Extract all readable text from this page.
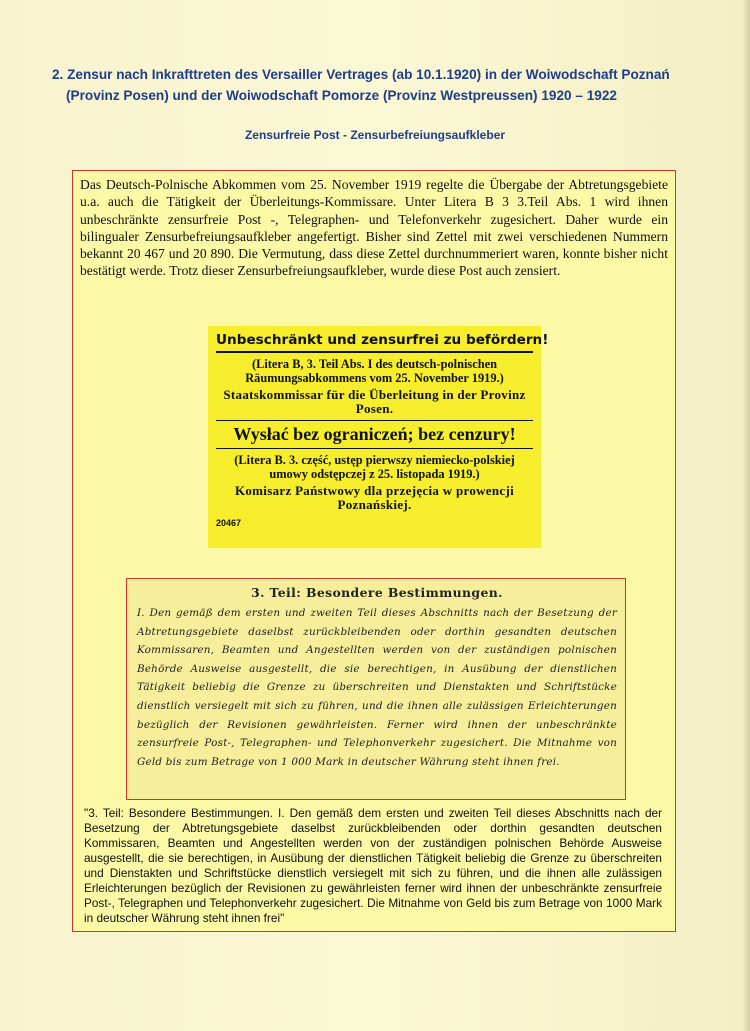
2. Zensur nach Inkrafttreten des Versailler Vertrages (ab 10.1.1920) in der Woiwodschaft Poznań
(Provinz Posen) und der Woiwodschaft Pomorze (Provinz Westpreussen) 1920 – 1922
Zensurfreie Post - Zensurbefreiungsaufkleber

Das Deutsch-Polnische Abkommen vom 25. November 1919 regelte die Übergabe der Abtretungsgebiete u.a. auch die Tätigkeit der Überleitungs-Kommissare. Unter Litera B 3 3.Teil Abs. 1 wird ihnen unbeschränkte zensurfreie Post -, Telegraphen- und Telefonverkehr zugesichert. Daher wurde ein bilingualer Zensurbefreiungsaufkleber angefertigt. Bisher sind Zettel mit zwei verschiedenen Nummern bekannt 20 467 und 20 890. Die Vermutung, dass diese Zettel durchnummeriert waren, konnte bisher nicht bestätigt werde. Trotz dieser Zensurbefreiungsaufkleber, wurde diese Post auch zensiert.

Unbeschränkt und zensurfrei zu befördern!

(Litera B, 3. Teil Abs. I des deutsch-polnischen Räumungsabkommens vom 25. November 1919.)

Staatskommissar für die Überleitung in der Provinz Posen.

Wysłać bez ograniczeń; bez cenzury!

(Litera B. 3. część, ustęp pierwszy niemiecko-polskiej umowy odstępczej z 25. listopada 1919.)

Komisarz Państwowy dla przejęcia w prowencji Poznańskiej.

20467
3. Teil: Besondere Bestimmungen.

I. Den gemäß dem ersten und zweiten Teil dieses Abschnitts nach der Besetzung der Abtretungsgebiete daselbst zurückbleibenden oder dorthin gesandten deutschen Kommissaren, Beamten und Angestellten werden von der zuständigen polnischen Behörde Ausweise ausgestellt, die sie berechtigen, in Ausübung der dienstlichen Tätigkeit beliebig die Grenze zu überschreiten und Dienstakten und Schriftstücke dienstlich versiegelt mit sich zu führen, und die ihnen alle zulässigen Erleichterungen bezüglich der Revisionen gewährleisten. Ferner wird ihnen der unbeschränkte zensurfreie Post-, Telegraphen- und Telephonverkehr zugesichert. Die Mitnahme von Geld bis zum Betrage von 1 000 Mark in deutscher Währung steht ihnen frei.

"3. Teil: Besondere Bestimmungen. I. Den gemäß dem ersten und zweiten Teil dieses Abschnitts nach der Besetzung der Abtretungsgebiete daselbst zurückbleibenden oder dorthin gesandten deutschen Kommissaren, Beamten und Angestellten werden von der zuständigen polnischen Behörde Ausweise ausgestellt, die sie berechtigen, in Ausübung der dienstlichen Tätigkeit beliebig die Grenze zu überschreiten und Dienstakten und Schriftstücke dienstlich versiegelt mit sich zu führen, und die ihnen alle zulässigen Erleichterungen bezüglich der Revisionen zu gewährleisten ferner wird ihnen der unbeschränkte zensurfreie Post-, Telegraphen und Telephonverkehr zugesichert. Die Mitnahme von Geld bis zum Betrage von 1000 Mark in deutscher Währung steht ihnen frei"
